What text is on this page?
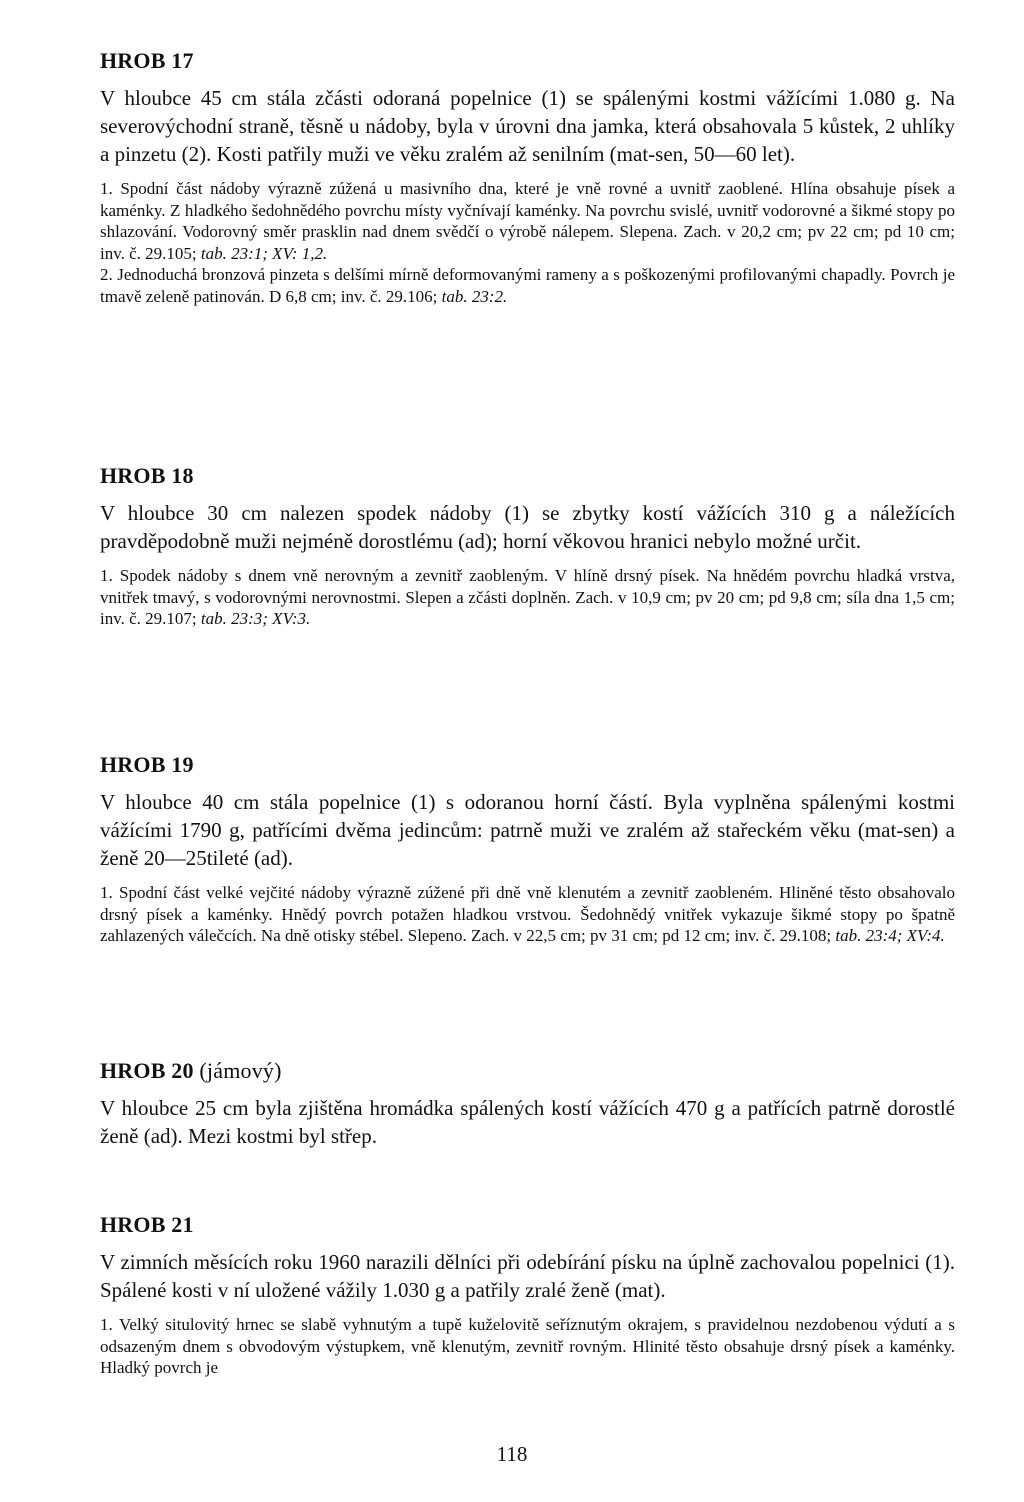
HROB 17

V hloubce 45 cm stála zčásti odoraná popelnice (1) se spálenými kostmi vážícími 1.080 g. Na severovýchodní straně, těsně u nádoby, byla v úrovni dna jamka, která obsahovala 5 kůstek, 2 uhlíky a pinzetu (2). Kosti patřily muži ve věku zralém až senilním (mat-sen, 50—60 let).

1. Spodní část nádoby výrazně zúžená u masivního dna, které je vně rovné a uvnitř zaoblené. Hlína obsahuje písek a kaménky. Z hladkého šedohnědého povrchu místy vyčnívají kaménky. Na povrchu svislé, uvnitř vodorovné a šikmé stopy po shlazování. Vodorovný směr prasklin nad dnem svědčí o výrobě nálepem. Slepena. Zach. v 20,2 cm; pv 22 cm; pd 10 cm; inv. č. 29.105; tab. 23:1; XV: 1,2.

2. Jednoduchá bronzová pinzeta s delšími mírně deformovanými rameny a s poškozenými profilovanými chapadly. Povrch je tmavě zeleně patinován. D 6,8 cm; inv. č. 29.106; tab. 23:2.

HROB 18

V hloubce 30 cm nalezen spodek nádoby (1) se zbytky kostí vážících 310 g a náležících pravděpodobně muži nejméně dorostlému (ad); horní věkovou hranici nebylo možné určit.

1. Spodek nádoby s dnem vně nerovným a zevnitř zaobleným. V hlíně drsný písek. Na hnědém povrchu hladká vrstva, vnitřek tmavý, s vodorovnými nerovnostmi. Slepen a zčásti doplněn. Zach. v 10,9 cm; pv 20 cm; pd 9,8 cm; síla dna 1,5 cm; inv. č. 29.107; tab. 23:3; XV:3.

HROB 19

V hloubce 40 cm stála popelnice (1) s odoranou horní částí. Byla vyplněna spálenými kostmi vážícími 1790 g, patřícími dvěma jedincům: patrně muži ve zralém až stařeckém věku (mat-sen) a ženě 20—25tileté (ad).

1. Spodní část velké vejčité nádoby výrazně zúžené při dně vně klenutém a zevnitř zaobleném. Hliněné těsto obsahovalo drsný písek a kaménky. Hnědý povrch potažen hladkou vrstvou. Šedohnědý vnitřek vykazuje šikmé stopy po špatně zahlazených válečcích. Na dně otisky stébel. Slepeno. Zach. v 22,5 cm; pv 31 cm; pd 12 cm; inv. č. 29.108; tab. 23:4; XV:4.

HROB 20 (jámový)

V hloubce 25 cm byla zjištěna hromádka spálených kostí vážících 470 g a patřících patrně dorostlé ženě (ad). Mezi kostmi byl střep.

HROB 21

V zimních měsících roku 1960 narazili dělníci při odebírání písku na úplně zachovalou popelnici (1). Spálené kosti v ní uložené vážily 1.030 g a patřily zralé ženě (mat).

1. Velký situlovitý hrnec se slabě vyhnutým a tupě kuželovitě seříznutým okrajem, s pravidelnou nezdobenou výdutí a s odsazeným dnem s obvodovým výstupkem, vně klenutým, zevnitř rovným. Hlinité těsto obsahuje drsný písek a kaménky. Hladký povrch je

118
